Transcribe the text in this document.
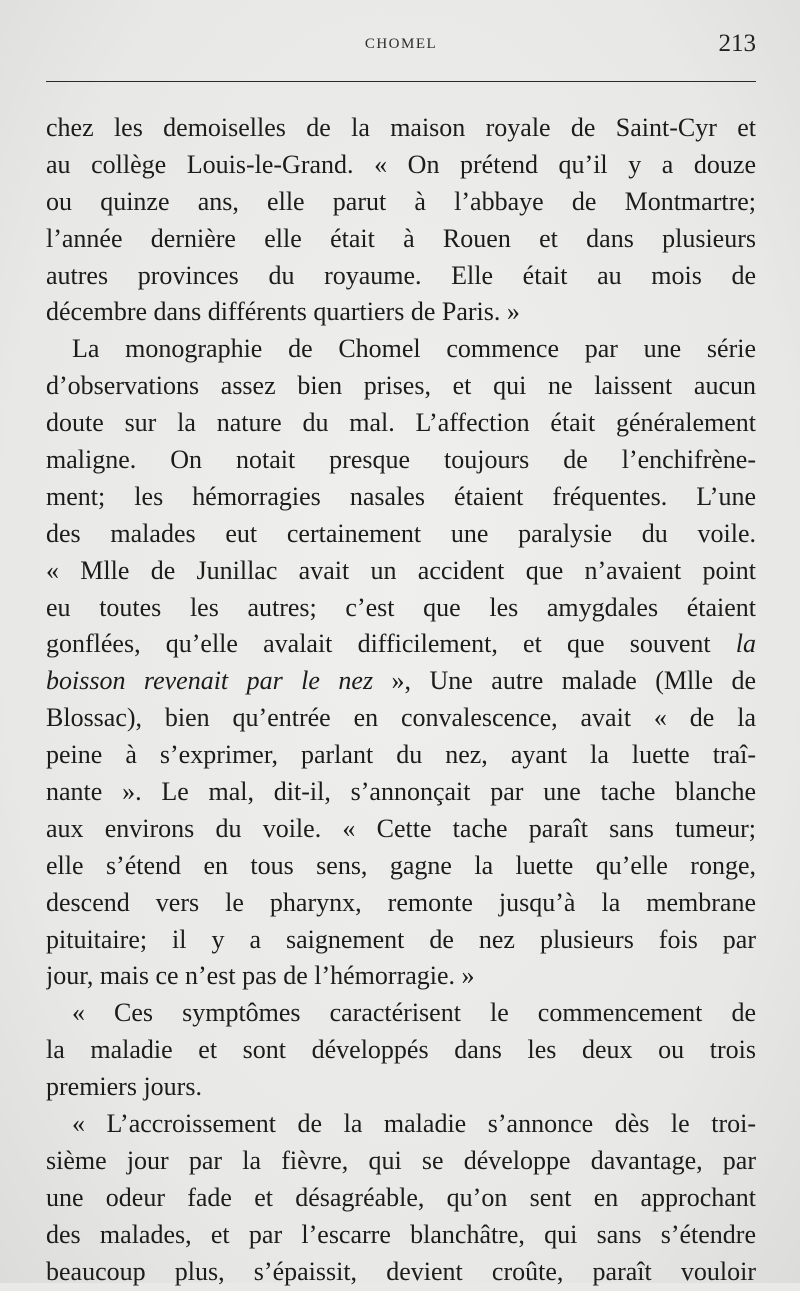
CHOMEL	213
chez les demoiselles de la maison royale de Saint-Cyr et
au collège Louis-le-Grand. « On prétend qu’il y a douze
ou quinze ans, elle parut à l’abbaye de Montmartre;
l’année dernière elle était à Rouen et dans plusieurs
autres provinces du royaume. Elle était au mois de
décembre dans différents quartiers de Paris. »
La monographie de Chomel commence par une série
d’observations assez bien prises, et qui ne laissent aucun
doute sur la nature du mal. L’affection était généralement
maligne. On notait presque toujours de l’enchifrène-
ment; les hémorragies nasales étaient fréquentes. L’une
des malades eut certainement une paralysie du voile.
« Mlle de Junillac avait un accident que n’avaient point
eu toutes les autres; c’est que les amygdales étaient
gonflées, qu’elle avalait difficilement, et que souvent la
boisson revenait par le nez », Une autre malade (Mlle de
Blossac), bien qu’entrée en convalescence, avait « de la
peine à s’exprimer, parlant du nez, ayant la luette traî-
nante ». Le mal, dit-il, s’annonçait par une tache blanche
aux environs du voile. « Cette tache paraît sans tumeur;
elle s’étend en tous sens, gagne la luette qu’elle ronge,
descend vers le pharynx, remonte jusqu’à la membrane
pituitaire; il y a saignement de nez plusieurs fois par
jour, mais ce n’est pas de l’hémorragie. »
« Ces symptômes caractérisent le commencement de
la maladie et sont développés dans les deux ou trois
premiers jours.
« L’accroissement de la maladie s’annonce dès le troi-
sième jour par la fièvre, qui se développe davantage, par
une odeur fade et désagréable, qu’on sent en approchant
des malades, et par l’escarre blanchâtre, qui sans s’étendre
beaucoup plus, s’épaissit, devient croûte, paraît vouloir
